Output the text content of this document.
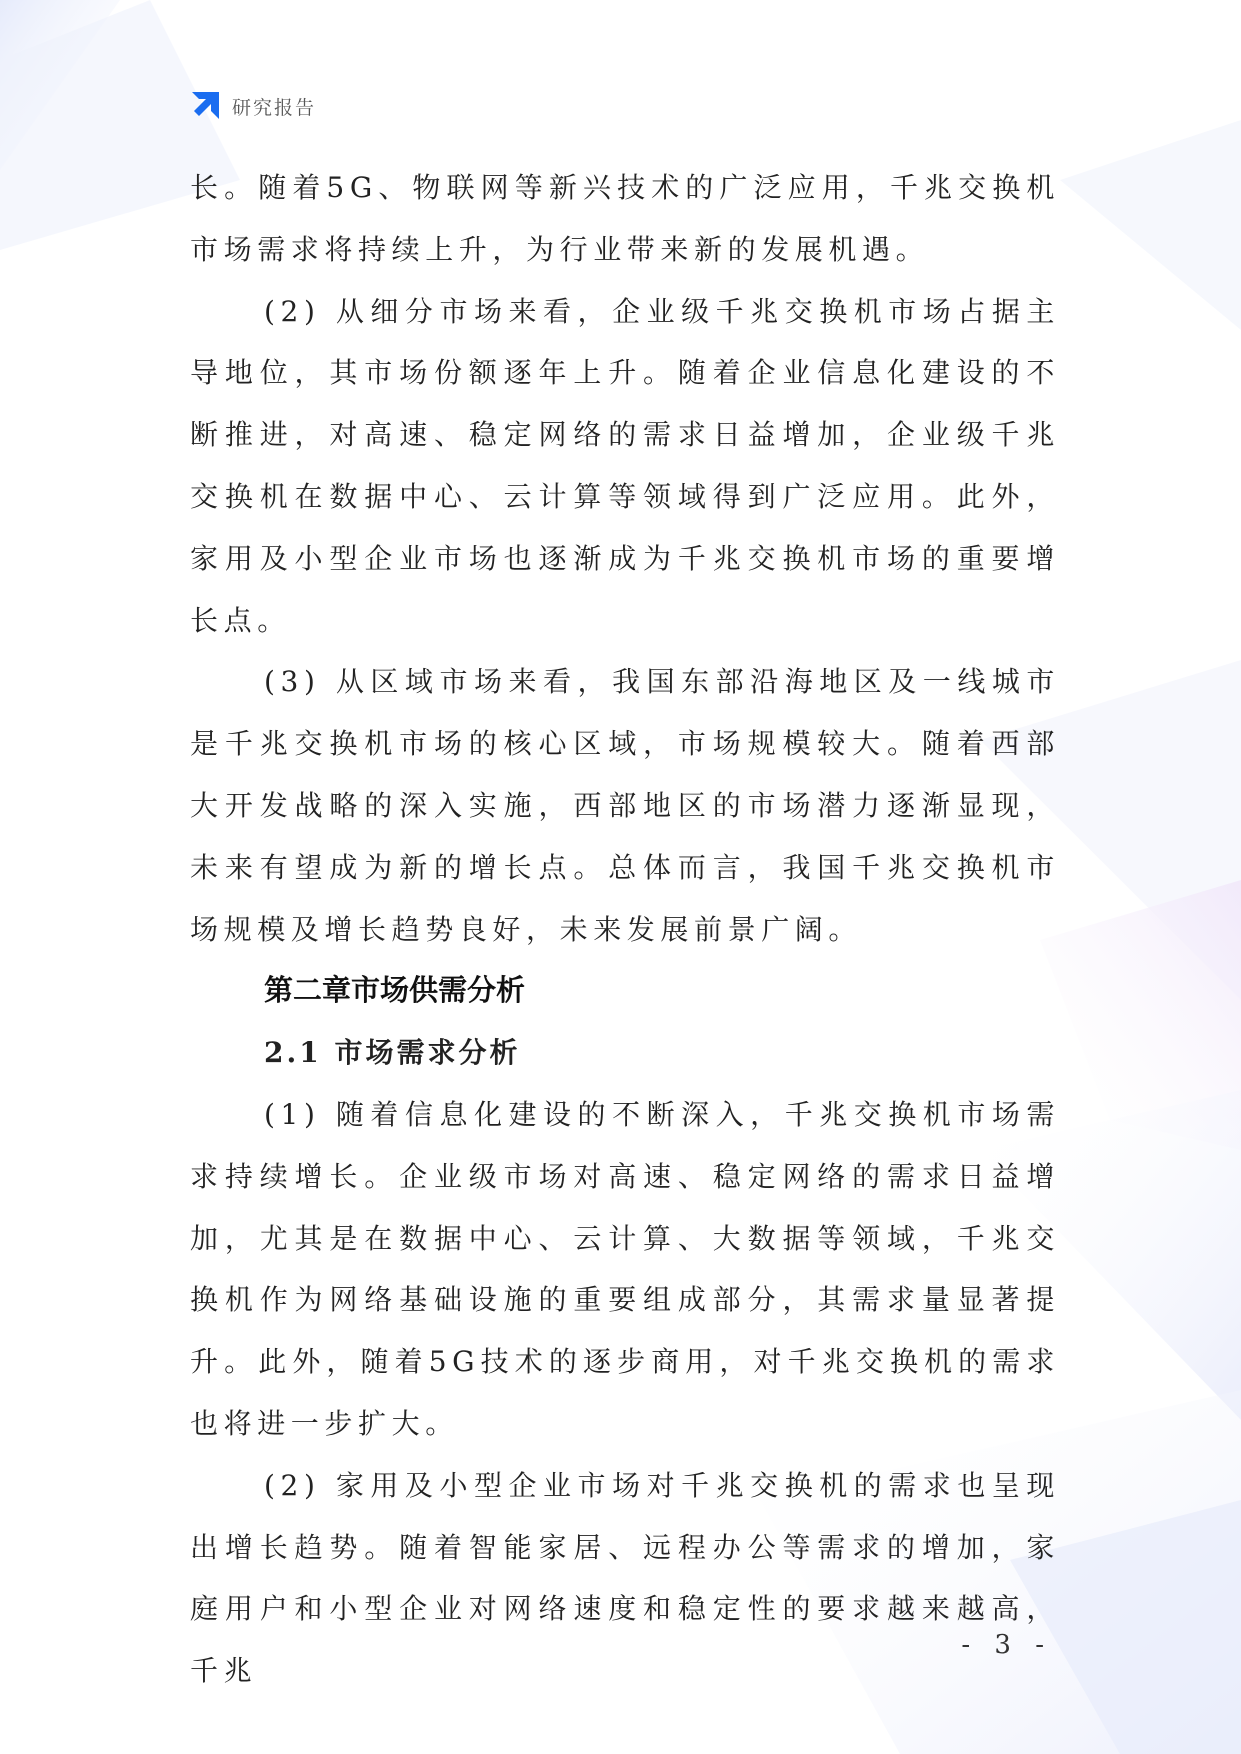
研究报告

长。随着5G、物联网等新兴技术的广泛应用，千兆交换机市场需求将持续上升，为行业带来新的发展机遇。

(2) 从细分市场来看，企业级千兆交换机市场占据主导地位，其市场份额逐年上升。随着企业信息化建设的不断推进，对高速、稳定网络的需求日益增加，企业级千兆交换机在数据中心、云计算等领域得到广泛应用。此外，家用及小型企业市场也逐渐成为千兆交换机市场的重要增长点。

(3) 从区域市场来看，我国东部沿海地区及一线城市是千兆交换机市场的核心区域，市场规模较大。随着西部大开发战略的深入实施，西部地区的市场潜力逐渐显现，未来有望成为新的增长点。总体而言，我国千兆交换机市场规模及增长趋势良好，未来发展前景广阔。

第二章市场供需分析
2.1 市场需求分析

(1) 随着信息化建设的不断深入，千兆交换机市场需求持续增长。企业级市场对高速、稳定网络的需求日益增加，尤其是在数据中心、云计算、大数据等领域，千兆交换机作为网络基础设施的重要组成部分，其需求量显著提升。此外，随着5G技术的逐步商用，对千兆交换机的需求也将进一步扩大。

(2) 家用及小型企业市场对千兆交换机的需求也呈现出增长趋势。随着智能家居、远程办公等需求的增加，家庭用户和小型企业对网络速度和稳定性的要求越来越高，千兆

- 3 -
